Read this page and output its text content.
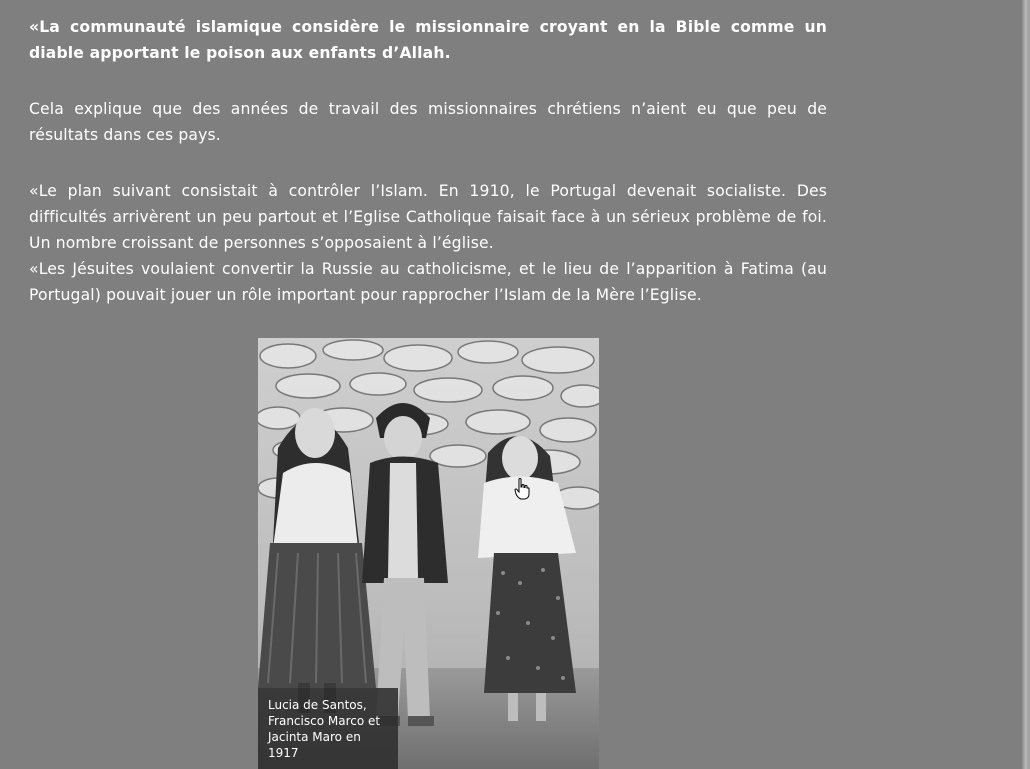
«La communauté islamique considère le missionnaire croyant en la Bible comme un diable apportant le poison aux enfants d’Allah.

Cela explique que des années de travail des missionnaires chrétiens n’aient eu que peu de résultats dans ces pays.

«Le plan suivant consistait à contrôler l’Islam. En 1910, le Portugal devenait socialiste. Des difficultés arrivèrent un peu partout et l’Eglise Catholique faisait face à un sérieux problème de foi. Un nombre croissant de personnes s’opposaient à l’église.

«Les Jésuites voulaient convertir la Russie au catholicisme, et le lieu de l’apparition à Fatima (au Portugal) pouvait jouer un rôle important pour rapprocher l’Islam de la Mère l’Eglise.

Lucia de Santos, Francisco Marco et Jacinta Maro en 1917
